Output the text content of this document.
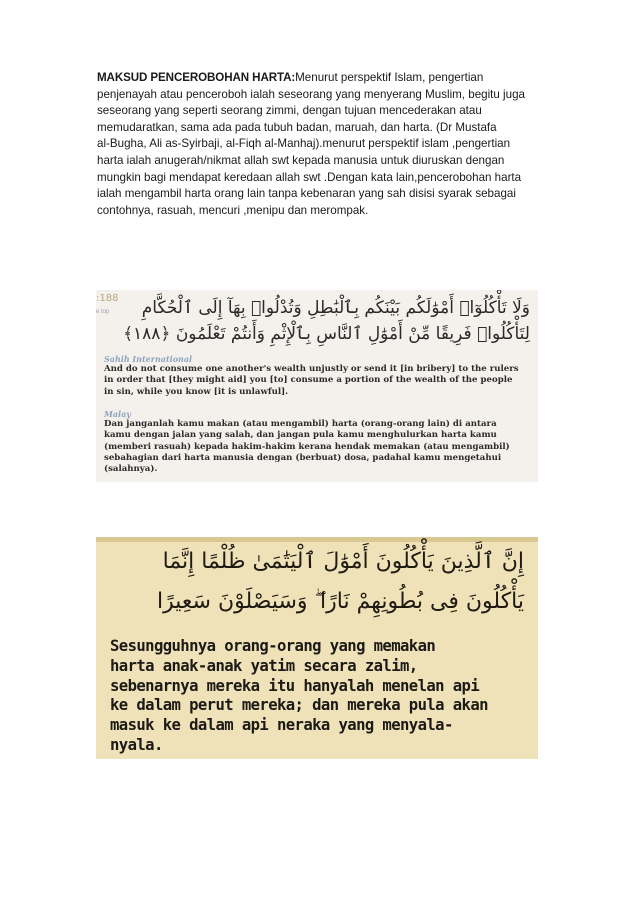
MAKSUD PENCEROBOHAN HARTA:Menurut perspektif Islam, pengertian
penjenayah atau penceroboh ialah seseorang yang menyerang Muslim, begitu juga
seseorang yang seperti seorang zimmi, dengan tujuan mencederakan atau
memudaratkan, sama ada pada tubuh badan, maruah, dan harta. (Dr Mustafa
al-Bugha, Ali as-Syirbaji, al-Fiqh al-Manhaj).menurut perspektif islam ,pengertian
harta ialah anugerah/nikmat allah swt kepada manusia untuk diuruskan dengan
mungkin bagi mendapat keredaan allah swt .Dengan kata lain,pencerobohan harta
ialah mengambil harta orang lain tanpa kebenaran yang sah disisi syarak sebagai
contohnya, rasuah, mencuri ,menipu dan merompak.
:188
e top وَلَا تَأْكُلُوٓا۟ أَمْوَٰلَكُم بَيْنَكُم بِٱلْبَٰطِلِ وَتُدْلُوا۟ بِهَآ إِلَى ٱلْحُكَّامِ
لِتَأْكُلُوا۟ فَرِيقًا مِّنْ أَمْوَٰلِ ٱلنَّاسِ بِٱلْإِثْمِ وَأَنتُمْ تَعْلَمُونَ ﴿١٨٨﴾
Sahih International
And do not consume one another's wealth unjustly or send it [in bribery] to the rulers
in order that [they might aid] you [to] consume a portion of the wealth of the people
in sin, while you know [it is unlawful].
Malay
Dan janganlah kamu makan (atau mengambil) harta (orang-orang lain) di antara
kamu dengan jalan yang salah, dan jangan pula kamu menghulurkan harta kamu
(memberi rasuah) kepada hakim-hakim kerana hendak memakan (atau mengambil)
sebahagian dari harta manusia dengan (berbuat) dosa, padahal kamu mengetahui
(salahnya).
إِنَّ ٱلَّذِينَ يَأْكُلُونَ أَمْوَٰلَ ٱلْيَتَٰمَىٰ ظُلْمًا إِنَّمَا
يَأْكُلُونَ فِى بُطُونِهِمْ نَارًا ۖ وَسَيَصْلَوْنَ سَعِيرًا
Sesungguhnya orang-orang yang memakan
harta anak-anak yatim secara zalim,
sebenarnya mereka itu hanyalah menelan api
ke dalam perut mereka; dan mereka pula akan
masuk ke dalam api neraka yang menyala-
nyala.
